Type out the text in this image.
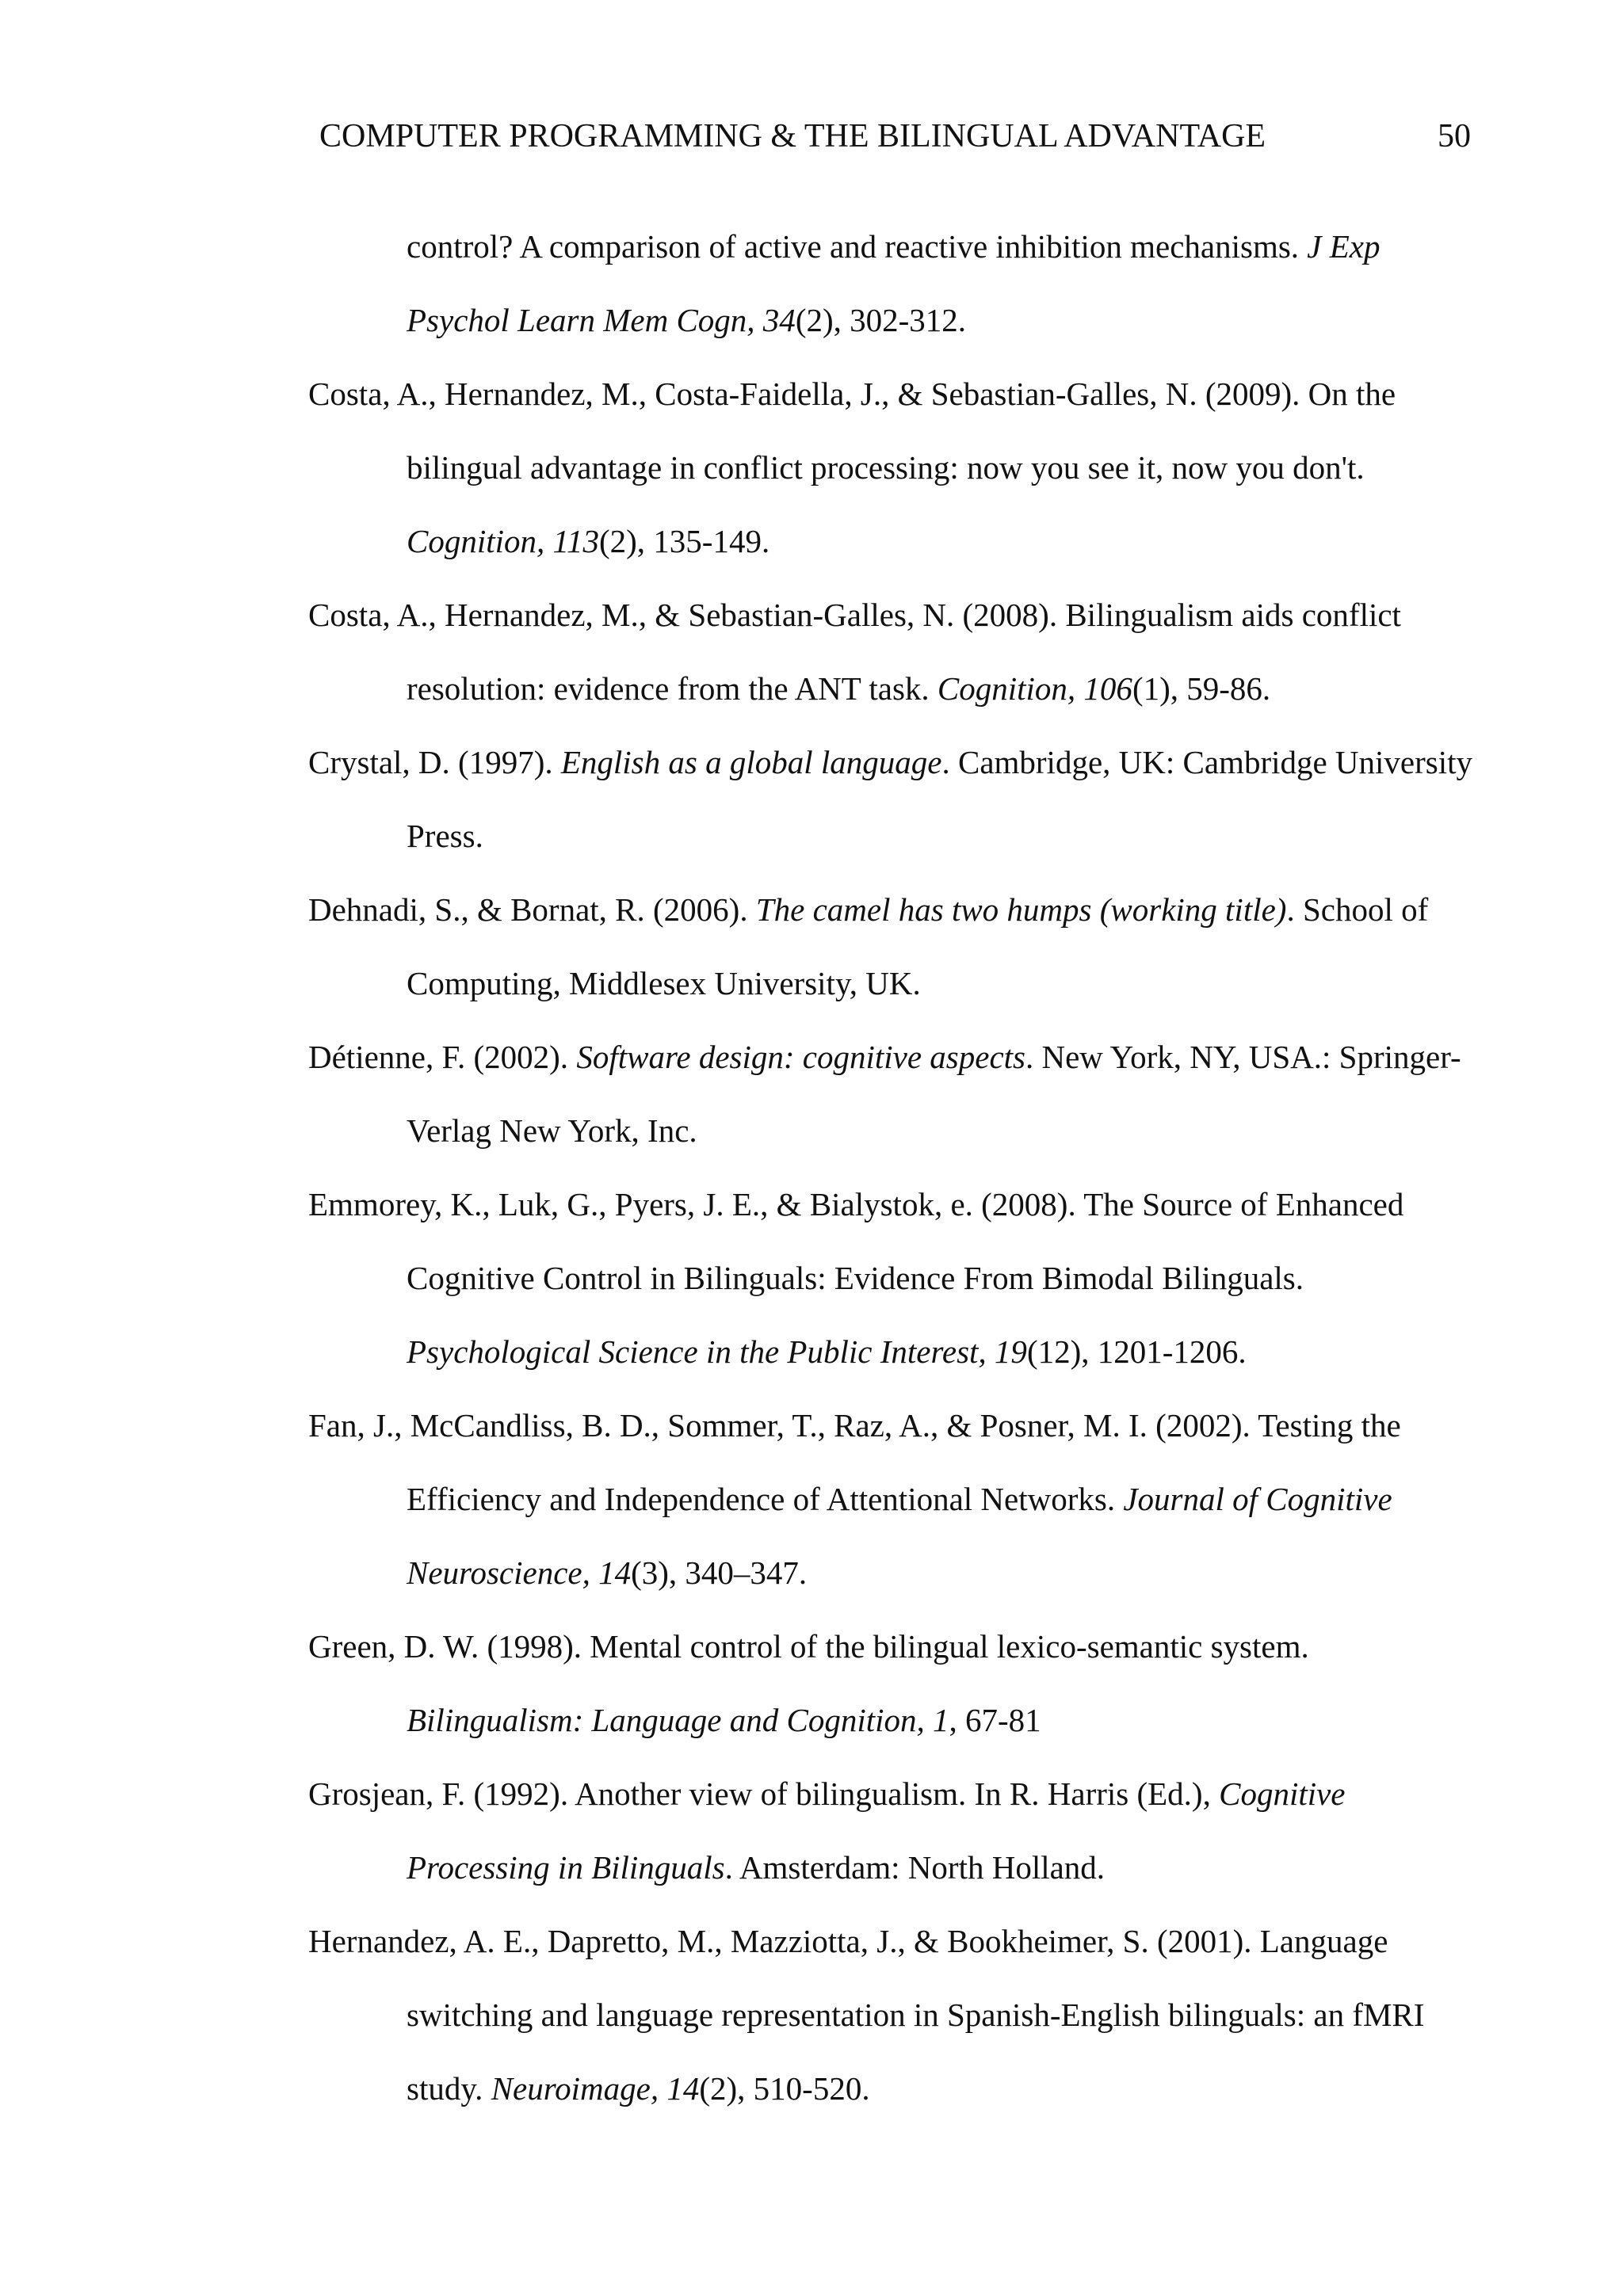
COMPUTER PROGRAMMING & THE BILINGUAL ADVANTAGE	50

control? A comparison of active and reactive inhibition mechanisms. J Exp Psychol Learn Mem Cogn, 34(2), 302-312.

Costa, A., Hernandez, M., Costa-Faidella, J., & Sebastian-Galles, N. (2009). On the bilingual advantage in conflict processing: now you see it, now you don't. Cognition, 113(2), 135-149.

Costa, A., Hernandez, M., & Sebastian-Galles, N. (2008). Bilingualism aids conflict resolution: evidence from the ANT task. Cognition, 106(1), 59-86.

Crystal, D. (1997). English as a global language. Cambridge, UK: Cambridge University Press.

Dehnadi, S., & Bornat, R. (2006). The camel has two humps (working title). School of Computing, Middlesex University, UK.

Détienne, F. (2002). Software design: cognitive aspects. New York, NY, USA.: Springer-Verlag New York, Inc.

Emmorey, K., Luk, G., Pyers, J. E., & Bialystok, e. (2008). The Source of Enhanced Cognitive Control in Bilinguals: Evidence From Bimodal Bilinguals. Psychological Science in the Public Interest, 19(12), 1201-1206.

Fan, J., McCandliss, B. D., Sommer, T., Raz, A., & Posner, M. I. (2002). Testing the Efficiency and Independence of Attentional Networks. Journal of Cognitive Neuroscience, 14(3), 340–347.

Green, D. W. (1998). Mental control of the bilingual lexico-semantic system. Bilingualism: Language and Cognition, 1, 67-81

Grosjean, F. (1992). Another view of bilingualism. In R. Harris (Ed.), Cognitive Processing in Bilinguals. Amsterdam: North Holland.

Hernandez, A. E., Dapretto, M., Mazziotta, J., & Bookheimer, S. (2001). Language switching and language representation in Spanish-English bilinguals: an fMRI study. Neuroimage, 14(2), 510-520.
